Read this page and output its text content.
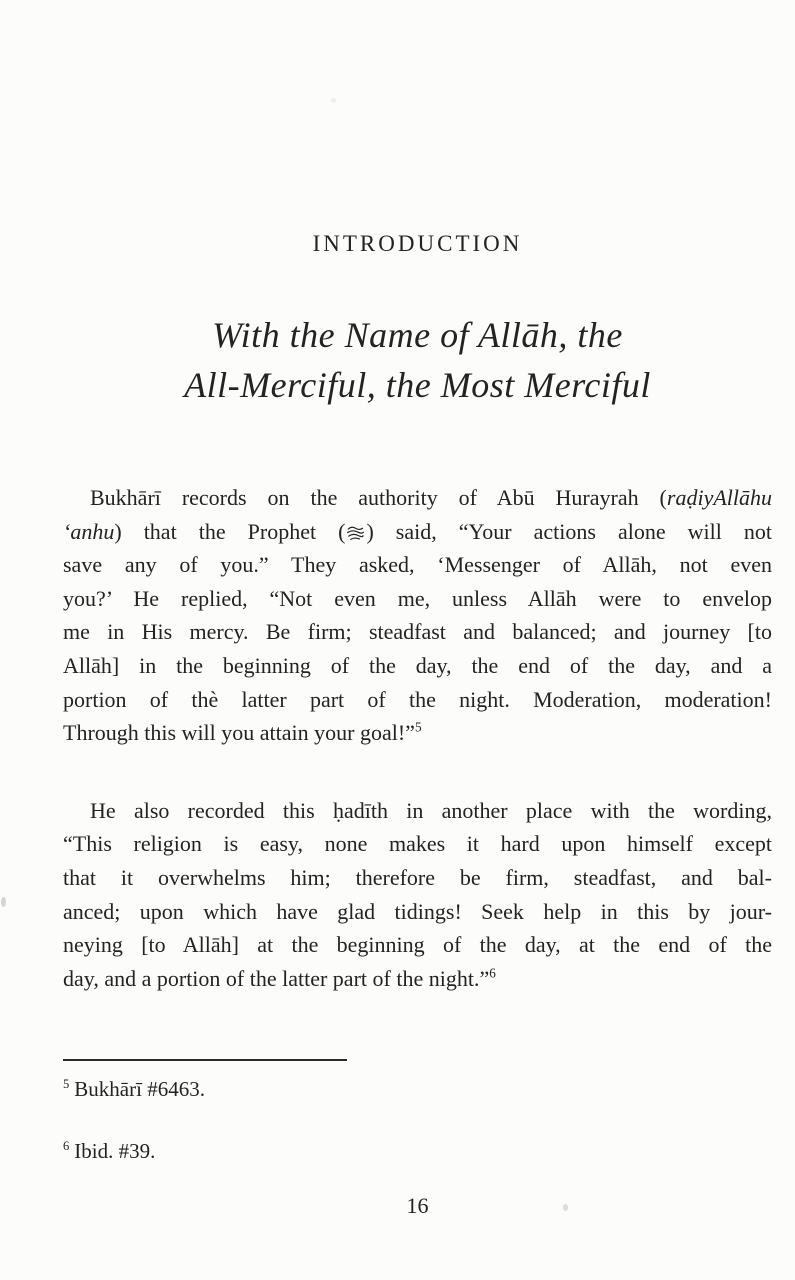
INTRODUCTION
With the Name of Allāh, the
All-Merciful, the Most Merciful
Bukhārī records on the authority of Abū Hurayrah (raḍiyAllāhu
‘anhu) that the Prophet ( ) said, “Your actions alone will not
save any of you.” They asked, ‘Messenger of Allāh, not even
you?’ He replied, “Not even me, unless Allāh were to envelop
me in His mercy. Be firm; steadfast and balanced; and journey [to
Allāh] in the beginning of the day, the end of the day, and a
portion of thè latter part of the night. Moderation, moderation!
Through this will you attain your goal!”$^5$
He also recorded this ḥadīth in another place with the wording,
“This religion is easy, none makes it hard upon himself except
that it overwhelms him; therefore be firm, steadfast, and bal-
anced; upon which have glad tidings! Seek help in this by jour-
neying [to Allāh] at the beginning of the day, at the end of the
day, and a portion of the latter part of the night.”$^6$
$^5$ Bukhārī #6463.
$^6$ Ibid. #39.
16
